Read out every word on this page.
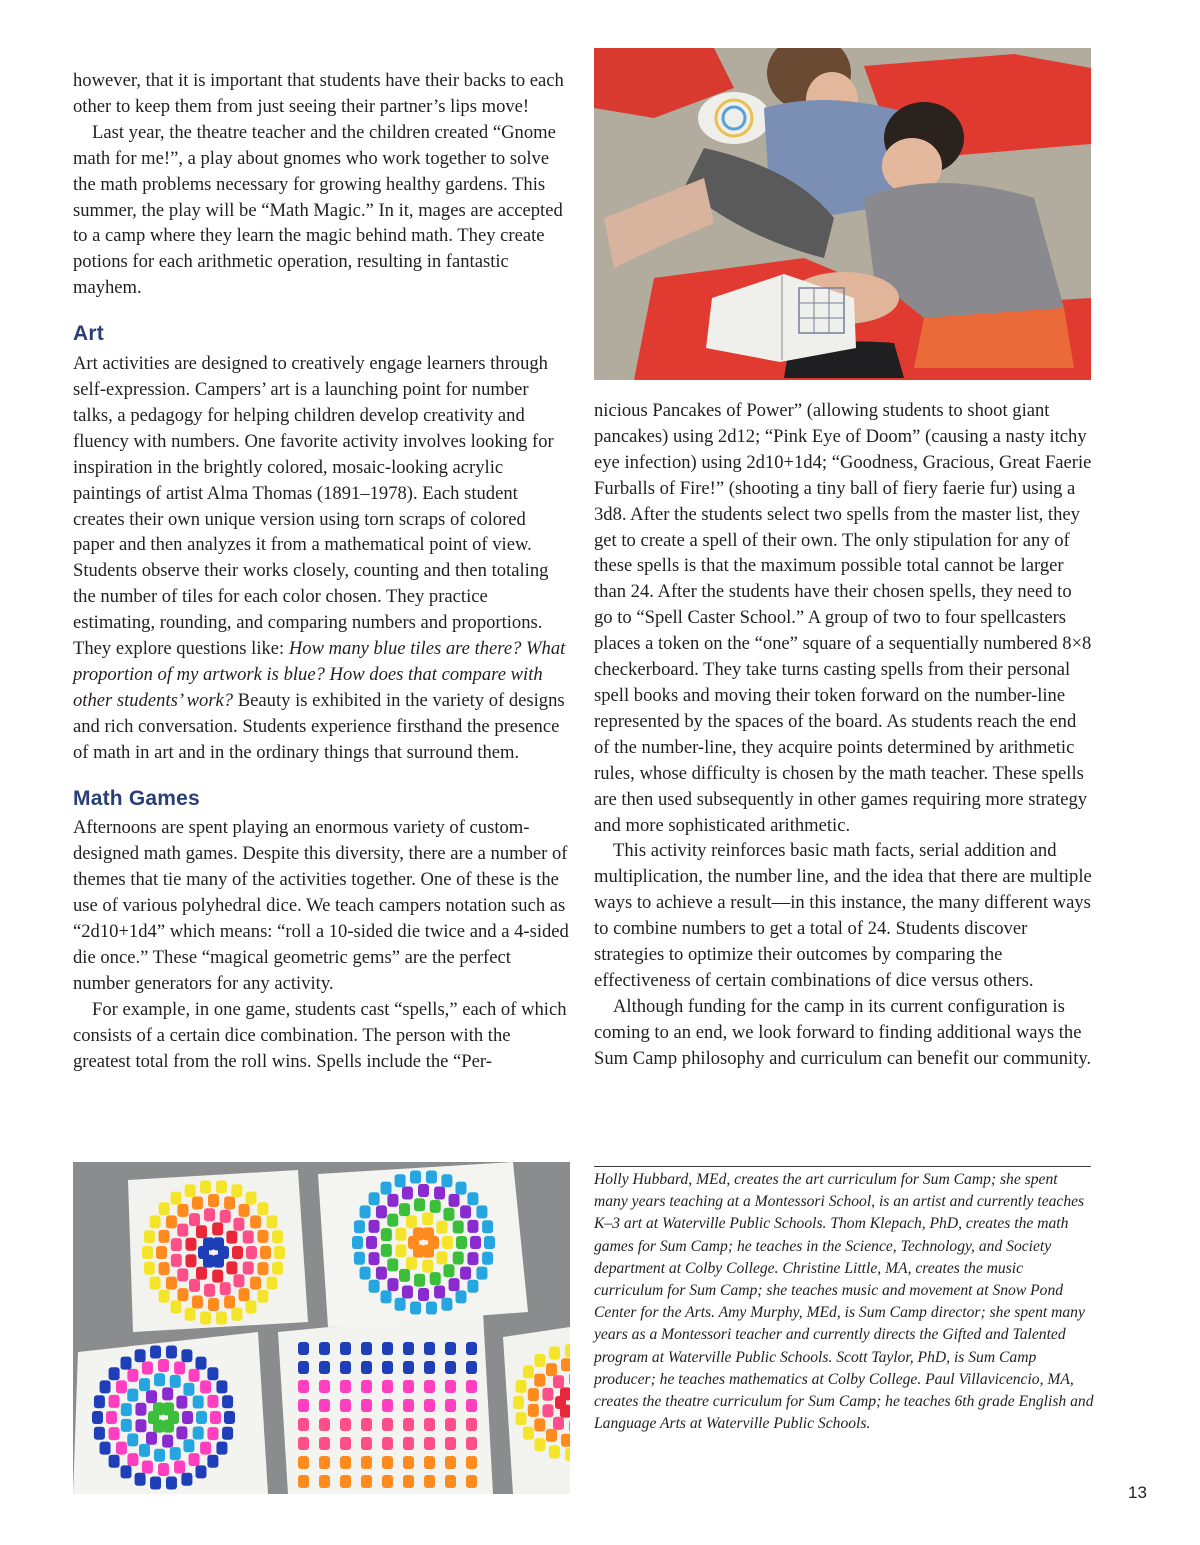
however, that it is important that students have their backs to each other to keep them from just seeing their partner’s lips move!

Last year, the theatre teacher and the children created “Gnome math for me!”, a play about gnomes who work together to solve the math problems necessary for growing healthy gardens. This summer, the play will be “Math Magic.” In it, mages are accepted to a camp where they learn the magic behind math. They create potions for each arithmetic operation, resulting in fantastic mayhem.

Art

Art activities are designed to creatively engage learners through self-expression. Campers’ art is a launching point for number talks, a pedagogy for helping children develop creativity and fluency with numbers. One favorite activity involves looking for inspiration in the brightly colored, mosaic-looking acrylic paintings of artist Alma Thomas (1891–1978). Each student creates their own unique version using torn scraps of colored paper and then analyzes it from a mathematical point of view. Students observe their works closely, counting and then totaling the number of tiles for each color chosen. They practice estimating, rounding, and comparing numbers and proportions. They explore questions like: How many blue tiles are there? What proportion of my artwork is blue? How does that compare with other students’ work? Beauty is exhibited in the variety of designs and rich conversation. Students experience firsthand the presence of math in art and in the ordinary things that surround them.

Math Games

Afternoons are spent playing an enormous variety of custom-designed math games. Despite this diversity, there are a number of themes that tie many of the activities together. One of these is the use of various polyhedral dice. We teach campers notation such as “2d10+1d4” which means: “roll a 10-sided die twice and a 4-sided die once.” These “magical geometric gems” are the perfect number generators for any activity.

For example, in one game, students cast “spells,” each of which consists of a certain dice combination. The person with the greatest total from the roll wins. Spells include the “Per-

nicious Pancakes of Power” (allowing students to shoot giant pancakes) using 2d12; “Pink Eye of Doom” (causing a nasty itchy eye infection) using 2d10+1d4; “Goodness, Gracious, Great Faerie Furballs of Fire!” (shooting a tiny ball of fiery faerie fur) using a 3d8. After the students select two spells from the master list, they get to create a spell of their own. The only stipulation for any of these spells is that the maximum possible total cannot be larger than 24. After the students have their chosen spells, they need to go to “Spell Caster School.” A group of two to four spellcasters places a token on the “one” square of a sequentially numbered 8×8 checkerboard. They take turns casting spells from their personal spell books and moving their token forward on the number-line represented by the spaces of the board. As students reach the end of the number-line, they acquire points determined by arithmetic rules, whose difficulty is chosen by the math teacher. These spells are then used subsequently in other games requiring more strategy and more sophisticated arithmetic.

This activity reinforces basic math facts, serial addition and multiplication, the number line, and the idea that there are multiple ways to achieve a result—in this instance, the many different ways to combine numbers to get a total of 24. Students discover strategies to optimize their outcomes by comparing the effectiveness of certain combinations of dice versus others.

Although funding for the camp in its current configuration is coming to an end, we look forward to finding additional ways the Sum Camp philosophy and curriculum can benefit our community.

Holly Hubbard, MEd, creates the art curriculum for Sum Camp; she spent many years teaching at a Montessori School, is an artist and currently teaches K–3 art at Waterville Public Schools. Thom Klepach, PhD, creates the math games for Sum Camp; he teaches in the Science, Technology, and Society department at Colby College. Christine Little, MA, creates the music curriculum for Sum Camp; she teaches music and movement at Snow Pond Center for the Arts. Amy Murphy, MEd, is Sum Camp director; she spent many years as a Montessori teacher and currently directs the Gifted and Talented program at Waterville Public Schools. Scott Taylor, PhD, is Sum Camp producer; he teaches mathematics at Colby College. Paul Villavicencio, MA, creates the theatre curriculum for Sum Camp; he teaches 6th grade English and Language Arts at Waterville Public Schools.
13
